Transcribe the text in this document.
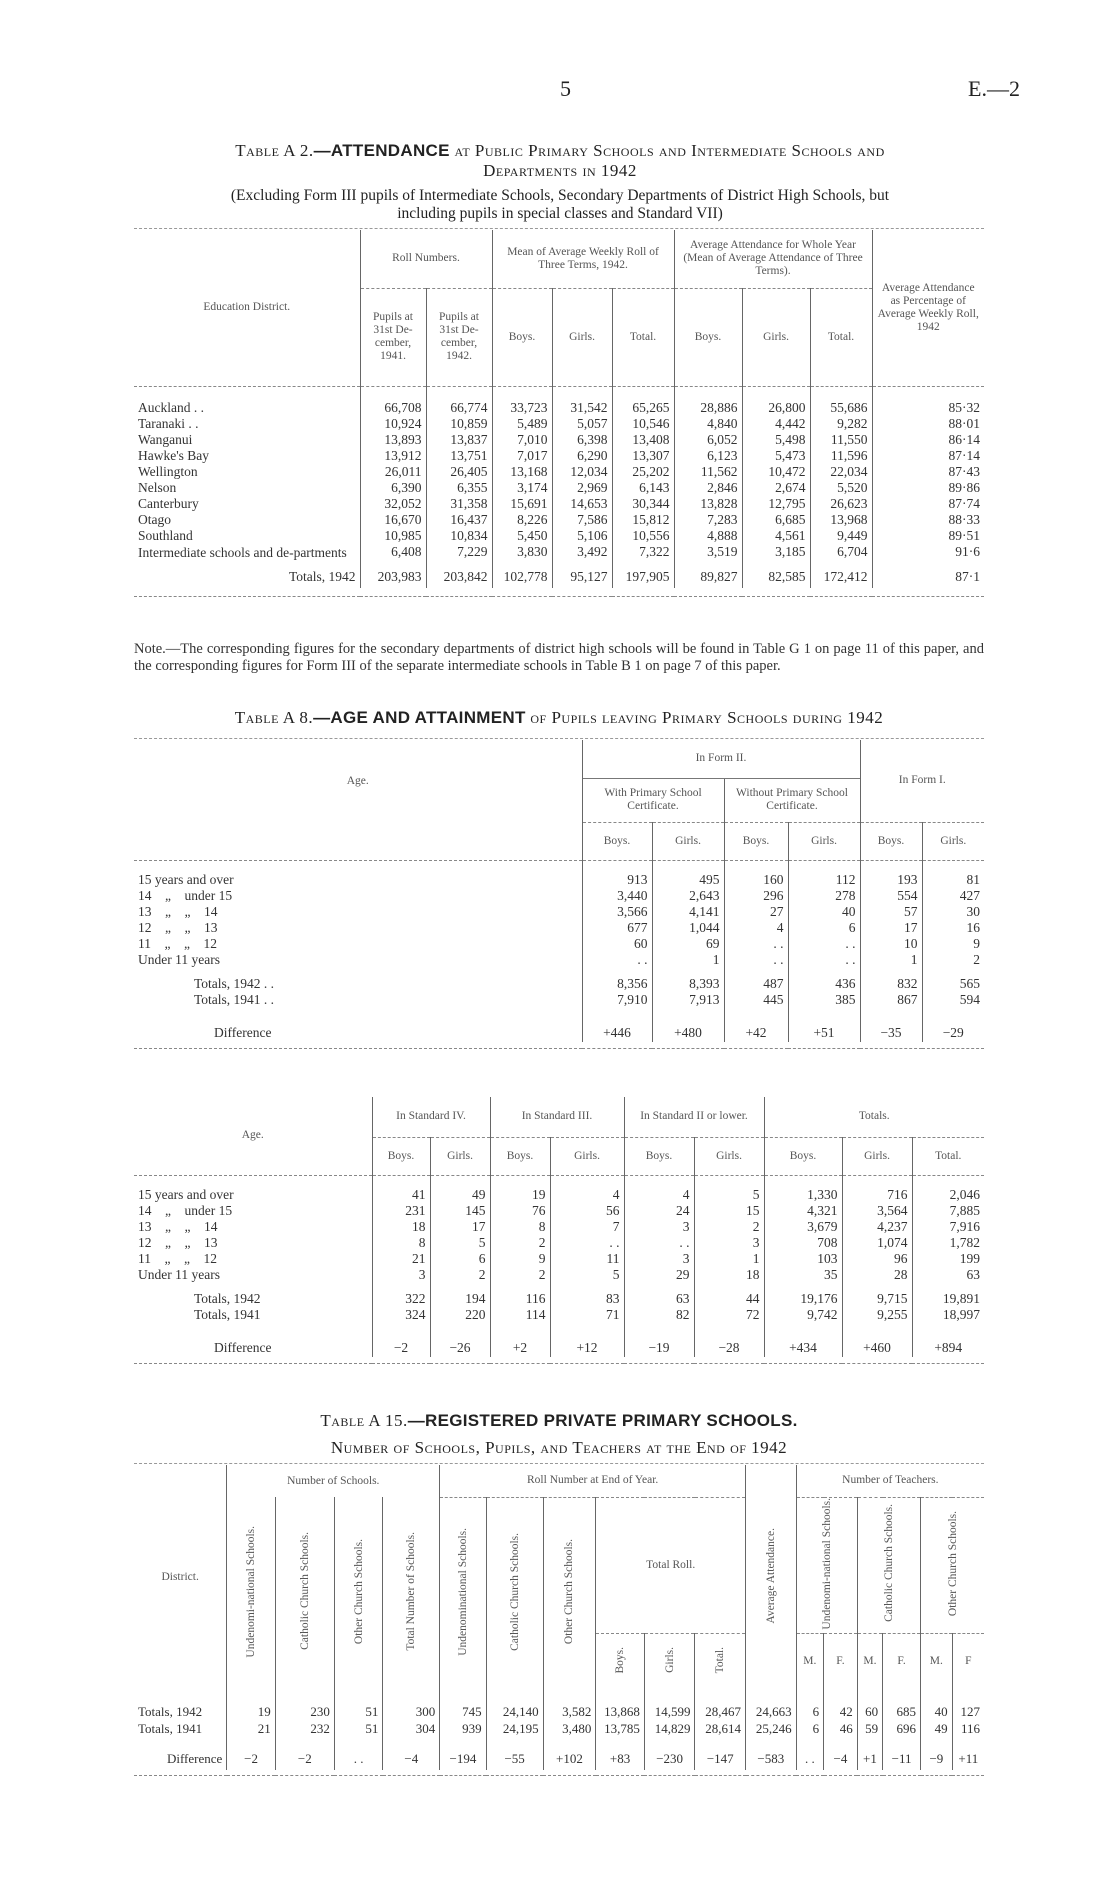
5	E.—2
Table A 2.—ATTENDANCE at Public Primary Schools and Intermediate Schools and
Departments in 1942
(Excluding Form III pupils of Intermediate Schools, Secondary Departments of District High Schools, but
including pupils in special classes and Standard VII)
Education District.	Roll Numbers.		Mean of Average Weekly Roll of Three Terms, 1942.			Average Attendance for Whole Year (Mean of Average Attendance of Three Terms).			Average Attendance as Percentage of Average Weekly Roll, 1942
	Pupils at 31st De-cember, 1941.	Pupils at 31st De-cember, 1942.	Boys.	Girls.	Total.	Boys.	Girls.	Total.	

Auckland . .	66,708	66,774	33,723	31,542	65,265	28,886	26,800	55,686	85·32
Taranaki . .	10,924	10,859	5,489	5,057	10,546	4,840	4,442	9,282	88·01
Wanganui	13,893	13,837	7,010	6,398	13,408	6,052	5,498	11,550	86·14
Hawke's Bay	13,912	13,751	7,017	6,290	13,307	6,123	5,473	11,596	87·14
Wellington	26,011	26,405	13,168	12,034	25,202	11,562	10,472	22,034	87·43
Nelson	6,390	6,355	3,174	2,969	6,143	2,846	2,674	5,520	89·86
Canterbury	32,052	31,358	15,691	14,653	30,344	13,828	12,795	26,623	87·74
Otago	16,670	16,437	8,226	7,586	15,812	7,283	6,685	13,968	88·33
Southland	10,985	10,834	5,450	5,106	10,556	4,888	4,561	9,449	89·51
Intermediate schools and de-partments	6,408	7,229	3,830	3,492	7,322	3,519	3,185	6,704	91·6

Totals, 1942	203,983	203,842	102,778	95,127	197,905	89,827	82,585	172,412	87·1

Note.—The corresponding figures for the secondary departments of district high schools will be found in Table G 1 on page 11 of this paper, and the corresponding figures for Form III of the separate intermediate schools in Table B 1 on page 7 of this paper.
Table A 8.—AGE AND ATTAINMENT of Pupils leaving Primary Schools during 1942
Age.	In Form II.				In Form I.	
	With Primary School Certificate.		Without Primary School Certificate.			
	Boys.	Girls.	Boys.	Girls.	Boys.	Girls.

15 years and over	913	495	160	112	193	81
14    „    under 15	3,440	2,643	296	278	554	427
13    „    „    14	3,566	4,141	27	40	57	30
12    „    „    13	677	1,044	4	6	17	16
11    „    „    12	60	69	. .	. .	10	9
Under 11 years	. .	1	. .	. .	1	2

Totals, 1942 . .	8,356	8,393	487	436	832	565
Totals, 1941 . .	7,910	7,913	445	385	867	594

Difference	+446	+480	+42	+51	−35	−29

Age.	In Standard IV.		In Standard III.		In Standard II or lower.		Totals.		
	Boys.	Girls.	Boys.	Girls.	Boys.	Girls.	Boys.	Girls.	Total.

15 years and over	41	49	19	4	4	5	1,330	716	2,046
14    „    under 15	231	145	76	56	24	15	4,321	3,564	7,885
13    „    „    14	18	17	8	7	3	2	3,679	4,237	7,916
12    „    „    13	8	5	2	. .	. .	3	708	1,074	1,782
11    „    „    12	21	6	9	11	3	1	103	96	199
Under 11 years	3	2	2	5	29	18	35	28	63

Totals, 1942	322	194	116	83	63	44	19,176	9,715	19,891
Totals, 1941	324	220	114	71	82	72	9,742	9,255	18,997

Difference	−2	−26	+2	+12	−19	−28	+434	+460	+894

Table A 15.—REGISTERED PRIVATE PRIMARY SCHOOLS.
Number of Schools, Pupils, and Teachers at the End of 1942
District.	Number of Schools.				Roll Number at End of Year.						Average Attendance.	Number of Teachers.					
	Undenomi-national Schools.	Catholic Church Schools.	Other Church Schools.	Total Number of Schools.	Undenominational Schools.	Catholic Church Schools.	Other Church Schools.	Total Roll.				Undenomi-national Schools.		Catholic Church Schools.		Other Church Schools.	
								Boys.	Girls.	Total.		M.	F.	M.	F.	M.	F

Totals, 1942	19	230	51	300	745	24,140	3,582	13,868	14,599	28,467	24,663	6	42	60	685	40	127
Totals, 1941	21	232	51	304	939	24,195	3,480	13,785	14,829	28,614	25,246	6	46	59	696	49	116

Difference	−2	−2	. .	−4	−194	−55	+102	+83	−230	−147	−583	. .	−4	+1	−11	−9	+11
